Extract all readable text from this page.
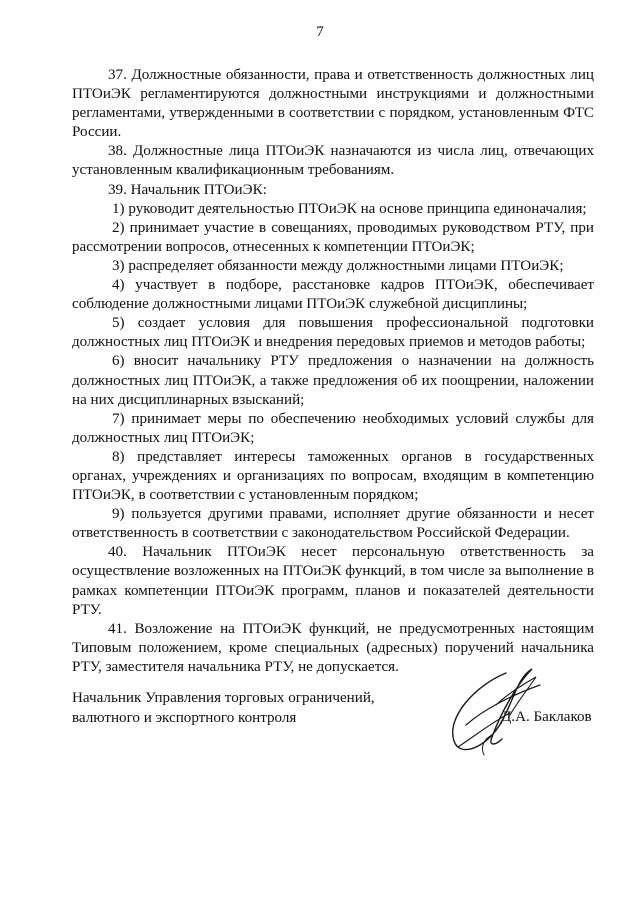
7

37. Должностные обязанности, права и ответственность должностных лиц ПТОиЭК регламентируются должностными инструкциями и должностными регламентами, утвержденными в соответствии с порядком, установленным ФТС России.

38. Должностные лица ПТОиЭК назначаются из числа лиц, отвечающих установленным квалификационным требованиям.

39. Начальник ПТОиЭК:

1) руководит деятельностью ПТОиЭК на основе принципа единоначалия;

2) принимает участие в совещаниях, проводимых руководством РТУ, при рассмотрении вопросов, отнесенных к компетенции ПТОиЭК;

3) распределяет обязанности между должностными лицами ПТОиЭК;

4) участвует в подборе, расстановке кадров ПТОиЭК, обеспечивает соблюдение должностными лицами ПТОиЭК служебной дисциплины;

5) создает условия для повышения профессиональной подготовки должностных лиц ПТОиЭК и внедрения передовых приемов и методов работы;

6) вносит начальнику РТУ предложения о назначении на должность должностных лиц ПТОиЭК, а также предложения об их поощрении, наложении на них дисциплинарных взысканий;

7) принимает меры по обеспечению необходимых условий службы для должностных лиц ПТОиЭК;

8) представляет интересы таможенных органов в государственных органах, учреждениях и организациях по вопросам, входящим в компетенцию ПТОиЭК, в соответствии с установленным порядком;

9) пользуется другими правами, исполняет другие обязанности и несет ответственность в соответствии с законодательством Российской Федерации.

40. Начальник ПТОиЭК несет персональную ответственность за осуществление возложенных на ПТОиЭК функций, в том числе за выполнение в рамках компетенции ПТОиЭК программ, планов и показателей деятельности РТУ.

41. Возложение на ПТОиЭК функций, не предусмотренных настоящим Типовым положением, кроме специальных (адресных) поручений начальника РТУ, заместителя начальника РТУ, не допускается.

Начальник Управления торговых ограничений,
валютного и экспортного контроля	Д.А. Баклаков
